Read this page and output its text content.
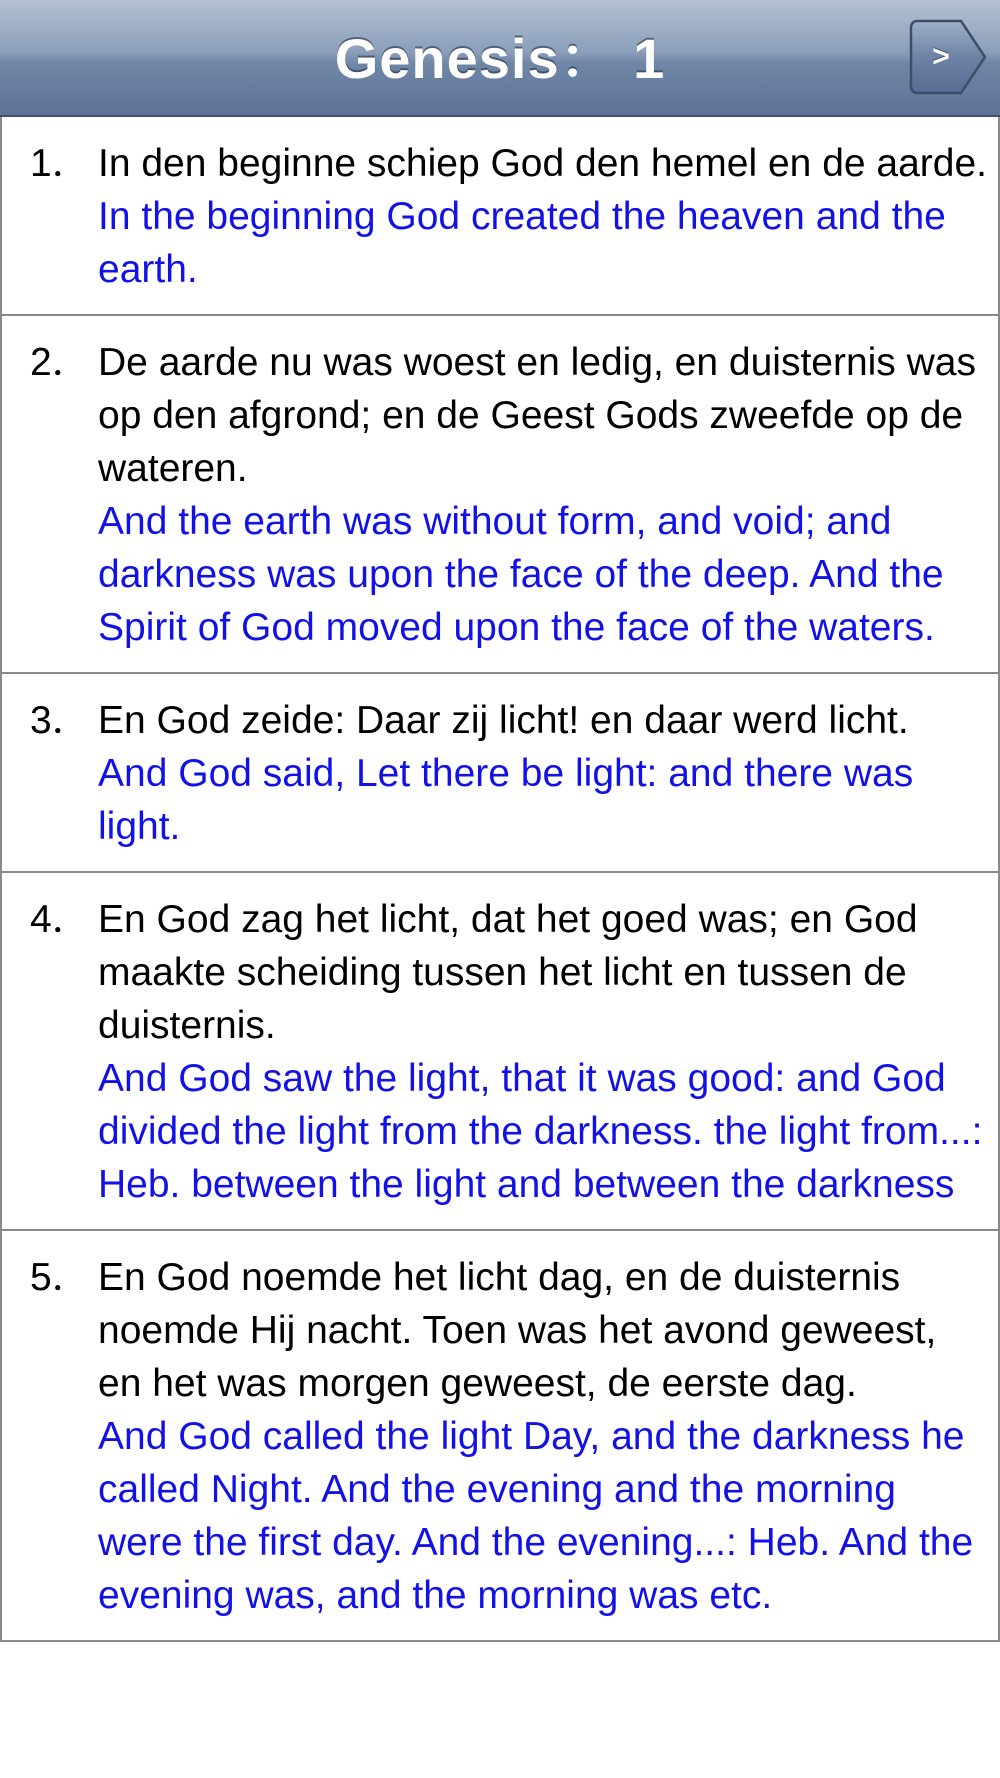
Genesis： 1	>
1． In den beginne schiep God den hemel en de aarde.

In the beginning God created the heaven and the earth.

2． De aarde nu was woest en ledig, en duisternis was op den afgrond; en de Geest Gods zweefde op de wateren.

And the earth was without form, and void; and darkness was upon the face of the deep. And the Spirit of God moved upon the face of the waters.

3． En God zeide: Daar zij licht! en daar werd licht.

And God said, Let there be light: and there was light.

4． En God zag het licht, dat het goed was; en God maakte scheiding tussen het licht en tussen de duisternis.

And God saw the light, that it was good: and God divided the light from the darkness. the light from...: Heb. between the light and between the darkness

5． En God noemde het licht dag, en de duisternis noemde Hij nacht. Toen was het avond geweest, en het was morgen geweest, de eerste dag.

And God called the light Day, and the darkness he called Night. And the evening and the morning were the first day. And the evening...: Heb. And the evening was, and the morning was etc.
